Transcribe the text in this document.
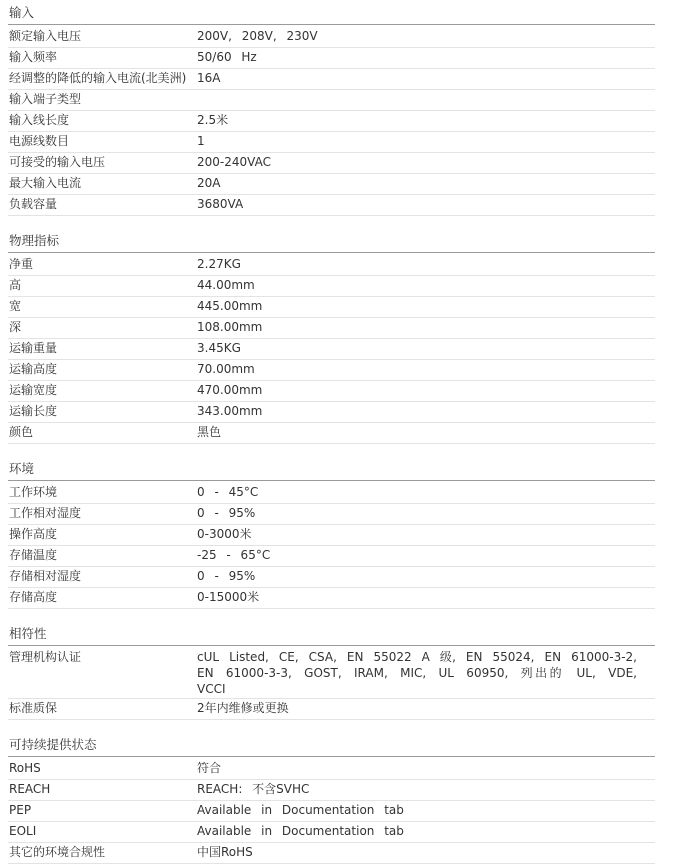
输入
额定输入电压	200V, 208V, 230V
输入频率	50/60 Hz
经调整的降低的输入电流(北美洲) 16A
输入端子类型
输入线长度	2.5米
电源线数目	1
可接受的输入电压	200-240VAC
最大输入电流	20A
负载容量	3680VA
物理指标
净重	2.27KG
高	44.00mm
宽	445.00mm
深	108.00mm
运输重量	3.45KG
运输高度	70.00mm
运输宽度	470.00mm
运输长度	343.00mm
颜色	黑色
环境
工作环境	0 - 45°C
工作相对湿度	0 - 95%
操作高度	0-3000米
存储温度	-25 - 65°C
存储相对湿度	0 - 95%
存储高度	0-15000米
相符性
管理机构认证	cUL Listed, CE, CSA, EN 55022 A 级, EN 55024, EN 61000-3-2, EN 61000-3-3, GOST, IRAM, MIC, UL 60950, 列出的 UL, VDE, VCCI
标准质保	2年内维修或更换
可持续提供状态
RoHS	符合
REACH	REACH: 不含SVHC
PEP	Available in Documentation tab
EOLI	Available in Documentation tab
其它的环境合规性	中国RoHS
